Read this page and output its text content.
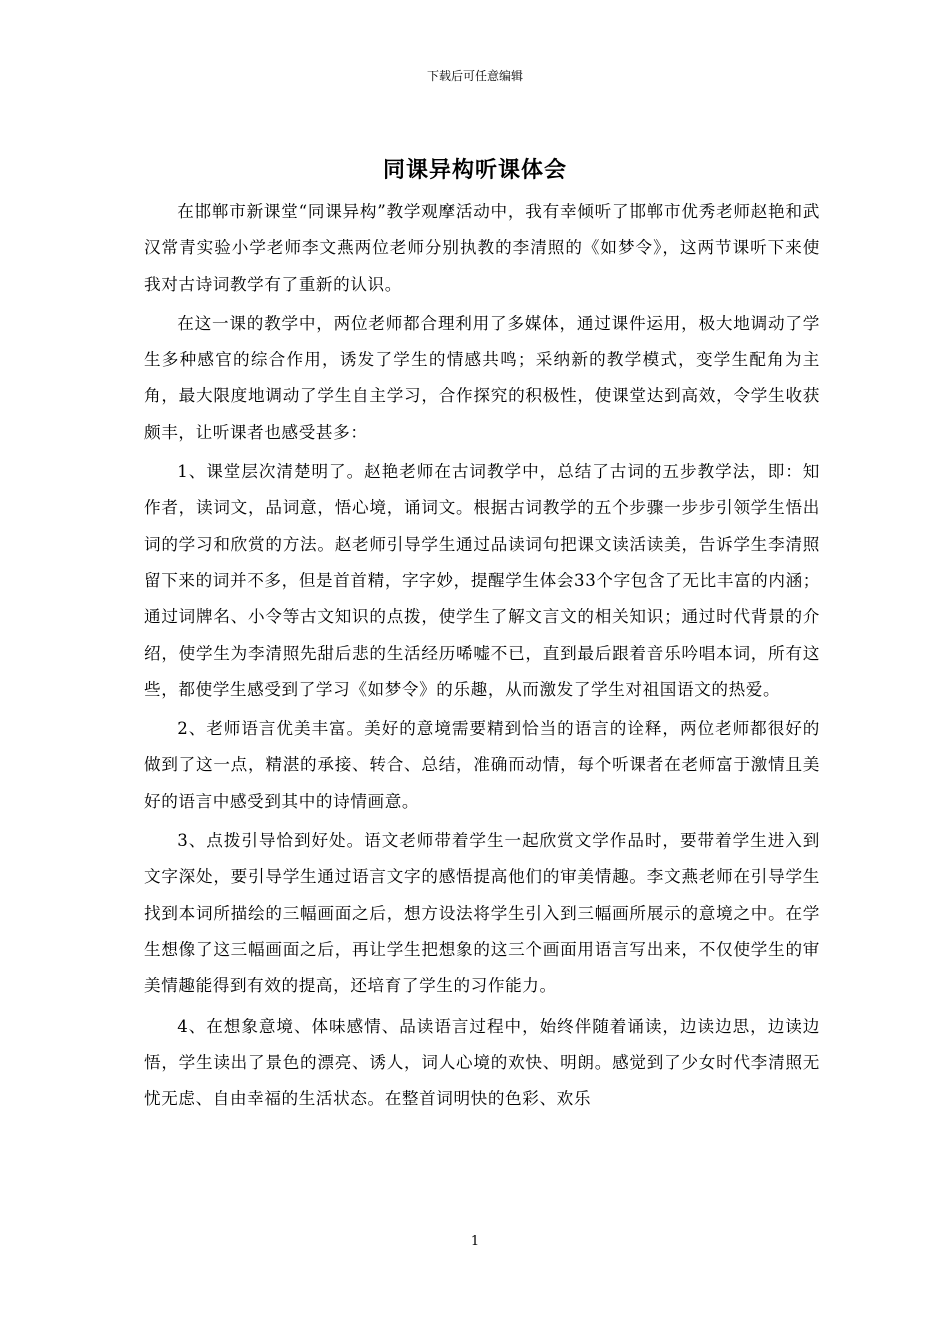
下载后可任意编辑
同课异构听课体会

在邯郸市新课堂“同课异构”教学观摩活动中，我有幸倾听了邯郸市优秀老师赵艳和武汉常青实验小学老师李文燕两位老师分别执教的李清照的《如梦令》，这两节课听下来使我对古诗词教学有了重新的认识。

在这一课的教学中，两位老师都合理利用了多媒体，通过课件运用，极大地调动了学生多种感官的综合作用，诱发了学生的情感共鸣；采纳新的教学模式，变学生配角为主角，最大限度地调动了学生自主学习，合作探究的积极性，使课堂达到高效，令学生收获颇丰，让听课者也感受甚多：

1、课堂层次清楚明了。赵艳老师在古词教学中，总结了古词的五步教学法，即：知作者，读词文，品词意，悟心境，诵词文。根据古词教学的五个步骤一步步引领学生悟出词的学习和欣赏的方法。赵老师引导学生通过品读词句把课文读活读美，告诉学生李清照留下来的词并不多，但是首首精，字字妙，提醒学生体会33个字包含了无比丰富的内涵；通过词牌名、小令等古文知识的点拨，使学生了解文言文的相关知识；通过时代背景的介绍，使学生为李清照先甜后悲的生活经历唏嘘不已，直到最后跟着音乐吟唱本词，所有这些，都使学生感受到了学习《如梦令》的乐趣，从而激发了学生对祖国语文的热爱。

2、老师语言优美丰富。美好的意境需要精到恰当的语言的诠释，两位老师都很好的做到了这一点，精湛的承接、转合、总结，准确而动情，每个听课者在老师富于激情且美好的语言中感受到其中的诗情画意。

3、点拨引导恰到好处。语文老师带着学生一起欣赏文学作品时，要带着学生进入到文字深处，要引导学生通过语言文字的感悟提高他们的审美情趣。李文燕老师在引导学生找到本词所描绘的三幅画面之后，想方设法将学生引入到三幅画所展示的意境之中。在学生想像了这三幅画面之后，再让学生把想象的这三个画面用语言写出来，不仅使学生的审美情趣能得到有效的提高，还培育了学生的习作能力。

4、在想象意境、体味感情、品读语言过程中，始终伴随着诵读，边读边思，边读边悟，学生读出了景色的漂亮、诱人，词人心境的欢快、明朗。感觉到了少女时代李清照无忧无虑、自由幸福的生活状态。在整首词明快的色彩、欢乐

1
